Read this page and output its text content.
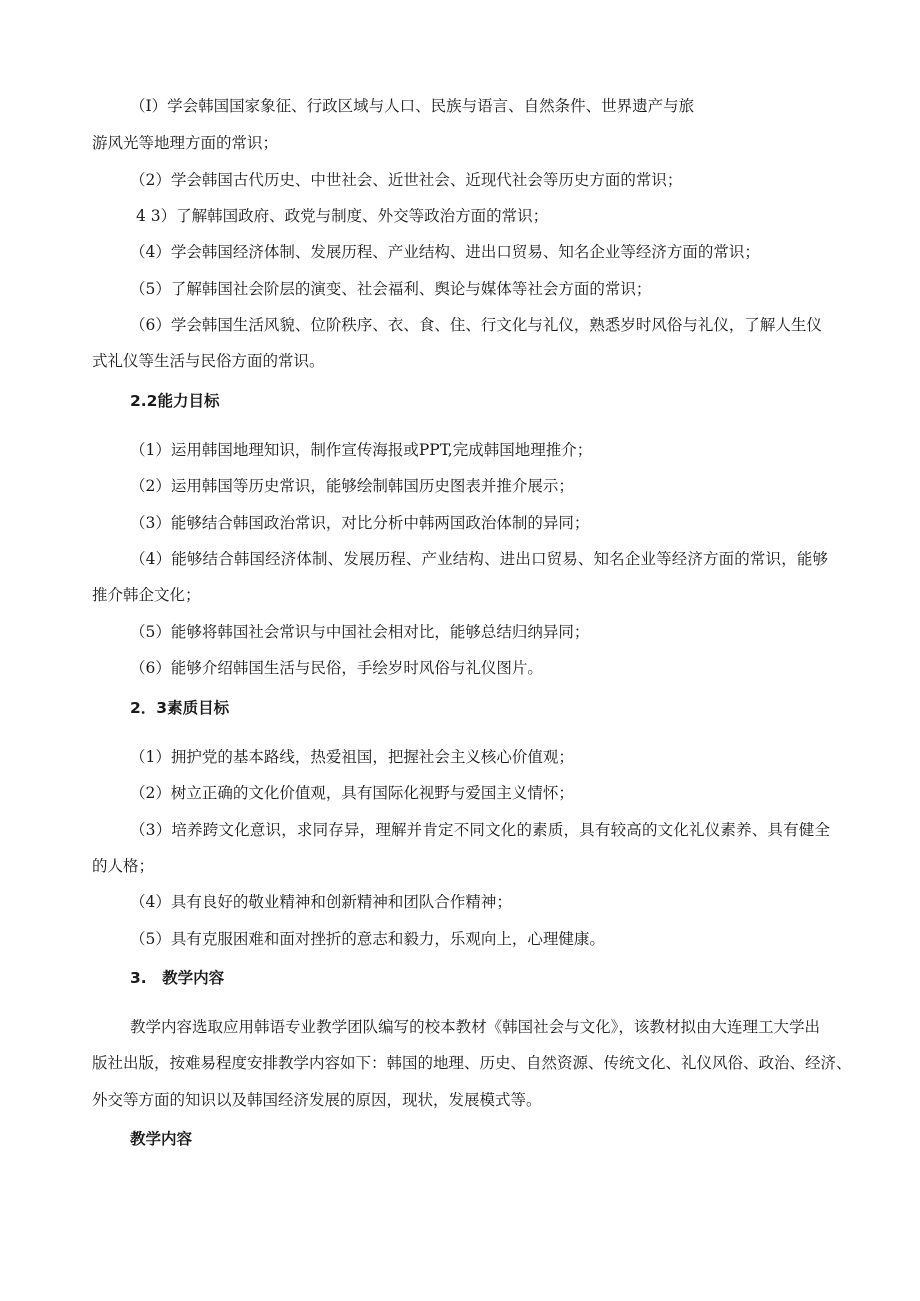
（I）学会韩国国家象征、行政区域与人口、民族与语言、自然条件、世界遗产与旅
游风光等地理方面的常识；
（2）学会韩国古代历史、中世社会、近世社会、近现代社会等历史方面的常识；
4 3）了解韩国政府、政党与制度、外交等政治方面的常识；
（4）学会韩国经济体制、发展历程、产业结构、进出口贸易、知名企业等经济方面的常识；
（5）了解韩国社会阶层的演变、社会福利、舆论与媒体等社会方面的常识；
（6）学会韩国生活风貌、位阶秩序、衣、食、住、行文化与礼仪，熟悉岁时风俗与礼仪，了解人生仪
式礼仪等生活与民俗方面的常识。
2.2能力目标
（1）运用韩国地理知识，制作宣传海报或PPT,完成韩国地理推介；
（2）运用韩国等历史常识，能够绘制韩国历史图表并推介展示；
（3）能够结合韩国政治常识，对比分析中韩两国政治体制的异同；
（4）能够结合韩国经济体制、发展历程、产业结构、进出口贸易、知名企业等经济方面的常识，能够
推介韩企文化；
（5）能够将韩国社会常识与中国社会相对比，能够总结归纳异同；
（6）能够介绍韩国生活与民俗，手绘岁时风俗与礼仪图片。
2．3素质目标
（1）拥护党的基本路线，热爱祖国，把握社会主义核心价值观；
（2）树立正确的文化价值观，具有国际化视野与爱国主义情怀；
（3）培养跨文化意识，求同存异，理解并肯定不同文化的素质，具有较高的文化礼仪素养、具有健全
的人格；
（4）具有良好的敬业精神和创新精神和团队合作精神；
（5）具有克服困难和面对挫折的意志和毅力，乐观向上，心理健康。
3.　教学内容
教学内容选取应用韩语专业教学团队编写的校本教材《韩国社会与文化》，该教材拟由大连理工大学出
版社出版，按难易程度安排教学内容如下：韩国的地理、历史、自然资源、传统文化、礼仪风俗、政治、经济、
外交等方面的知识以及韩国经济发展的原因，现状，发展模式等。
教学内容
